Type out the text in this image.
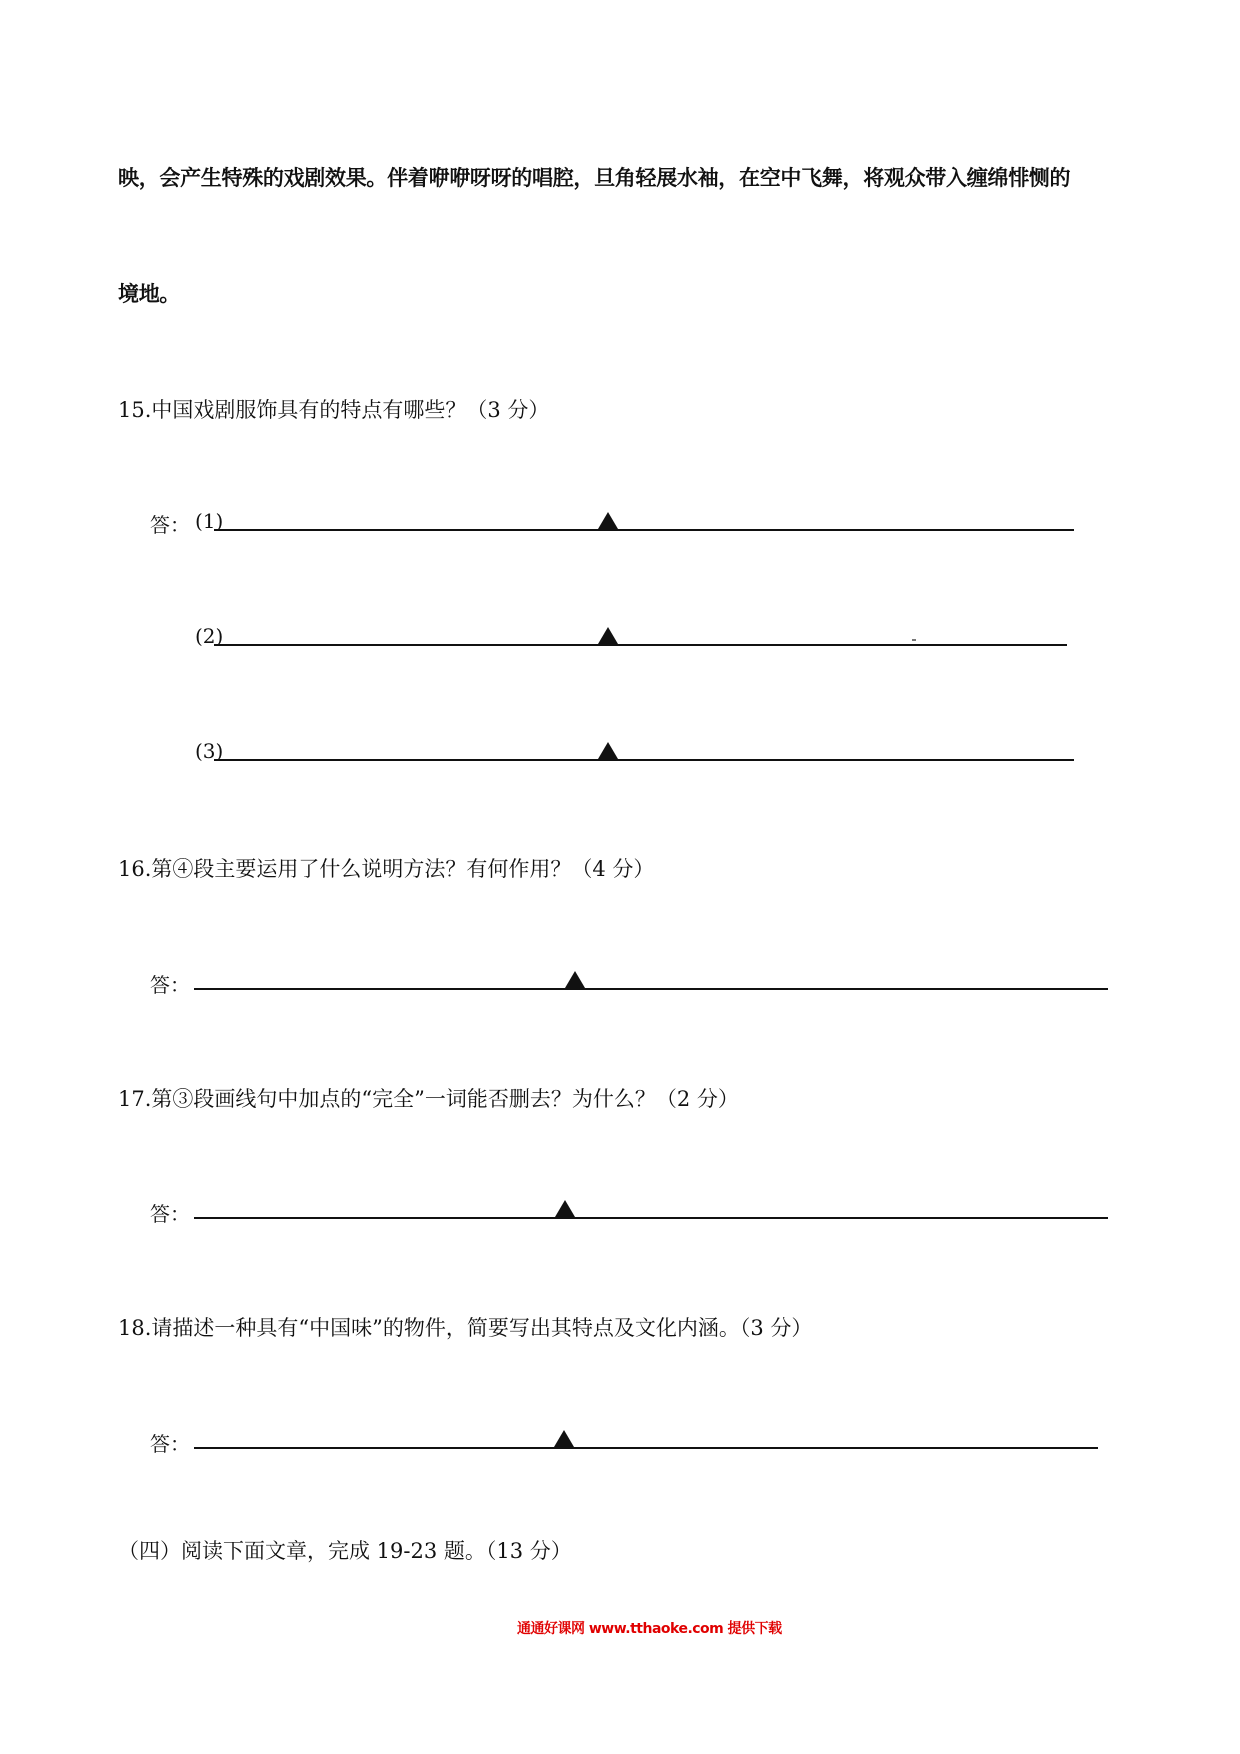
映，会产生特殊的戏剧效果。伴着咿咿呀呀的唱腔，旦角轻展水袖，在空中飞舞，将观众带入缠绵悱恻的
境地。
15.中国戏剧服饰具有的特点有哪些？（3 分）
答： (1)
(2)
(3)
16.第④段主要运用了什么说明方法？有何作用？（4 分）
答：
17.第③段画线句中加点的“完全”一词能否删去？为什么？（2 分）
答：
18.请描述一种具有“中国味”的物件，简要写出其特点及文化内涵。（3 分）
答：
（四）阅读下面文章，完成 19-23 题。（13 分）
通通好课网 www.tthaoke.com 提供下载
